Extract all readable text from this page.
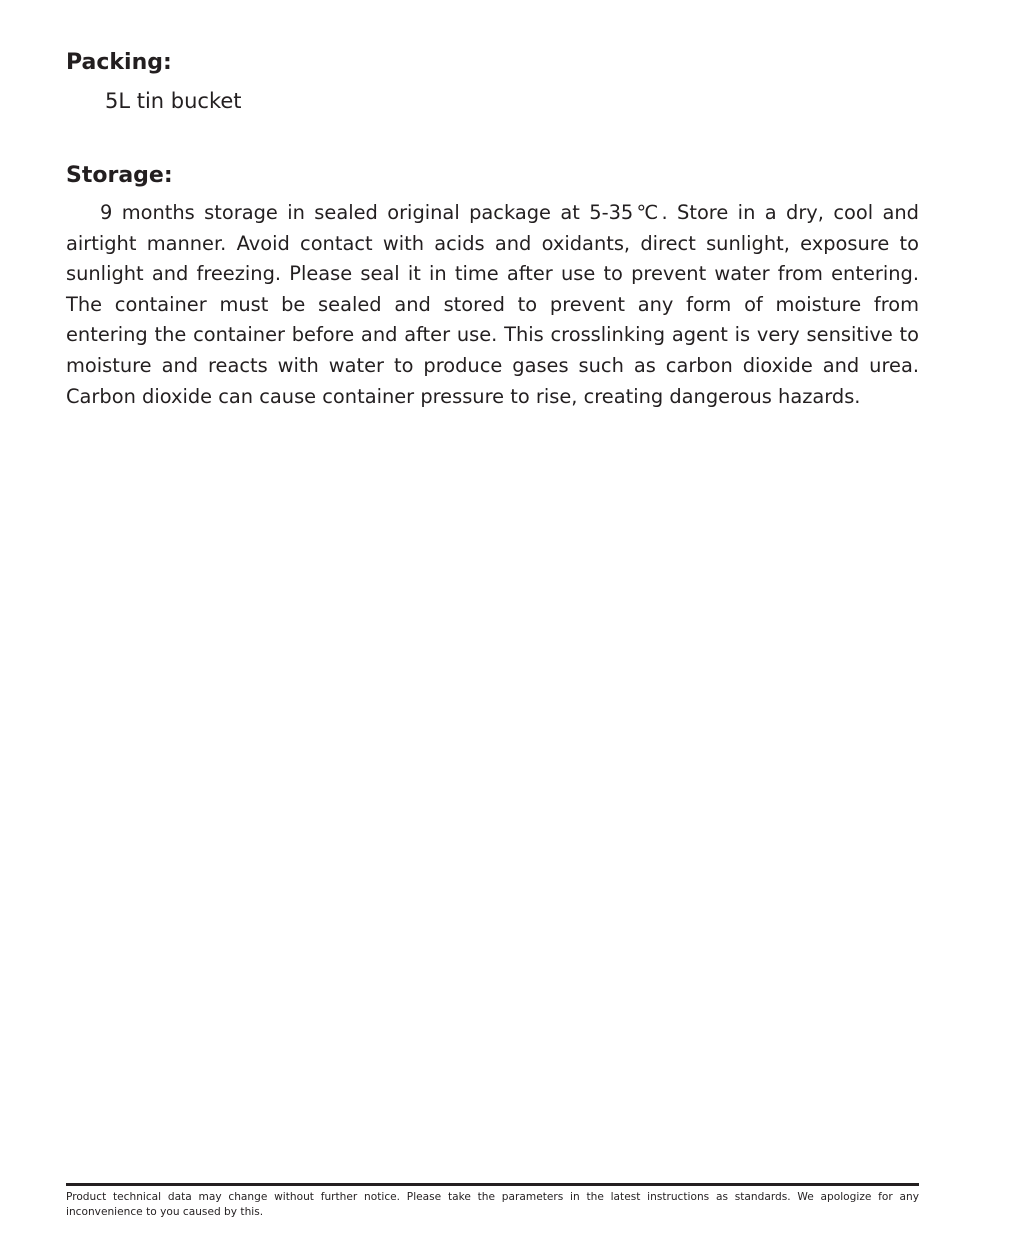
Packing:

5L tin bucket

Storage:

9 months storage in sealed original package at 5-35℃. Store in a dry, cool and airtight manner. Avoid contact with acids and oxidants, direct sunlight, exposure to sunlight and freezing. Please seal it in time after use to prevent water from entering. The container must be sealed and stored to prevent any form of moisture from entering the container before and after use. This crosslinking agent is very sensitive to moisture and reacts with water to produce gases such as carbon dioxide and urea. Carbon dioxide can cause container pressure to rise, creating dangerous hazards.

Product technical data may change without further notice. Please take the parameters in the latest instructions as standards. We apologize for any inconvenience to you caused by this.
